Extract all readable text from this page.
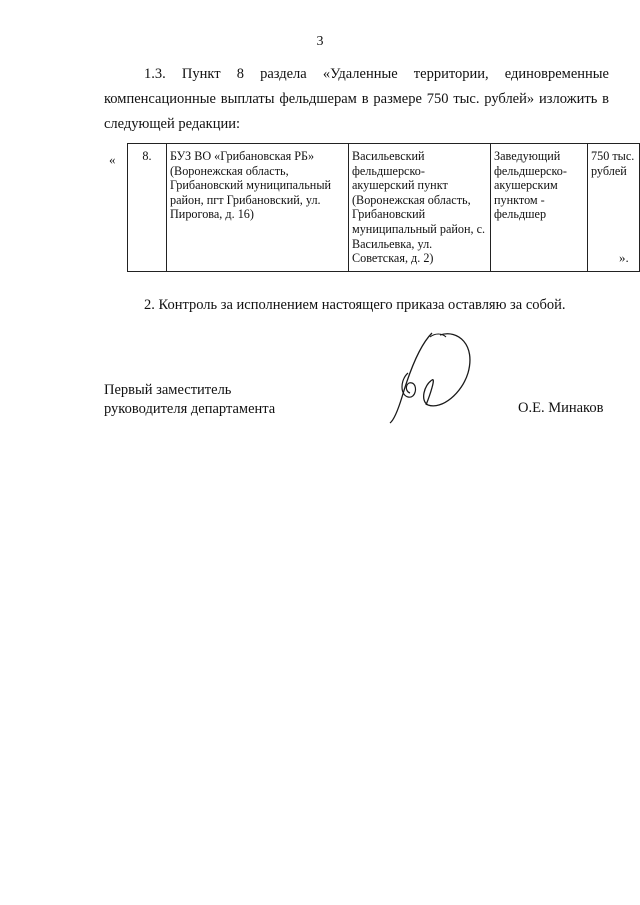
3

1.3. Пункт 8 раздела «Удаленные территории, единовременные компенсационные выплаты фельдшерам в размере 750 тыс. рублей» изложить в следующей редакции:

« 8.	БУЗ ВО «Грибановская РБ» (Воронежская область, Грибановский муниципальный район, пгт Грибановский, ул. Пирогова, д. 16)	Васильевский фельдшерско-акушерский пункт (Воронежская область, Грибановский муниципальный район, с. Васильевка, ул. Советская, д. 2)	Заведующий фельдшерско-акушерским пунктом - фельдшер	750 тыс. рублей
».
2. Контроль за исполнением настоящего приказа оставляю за собой.
Первый заместитель
руководителя департамента	О.Е. Минаков
